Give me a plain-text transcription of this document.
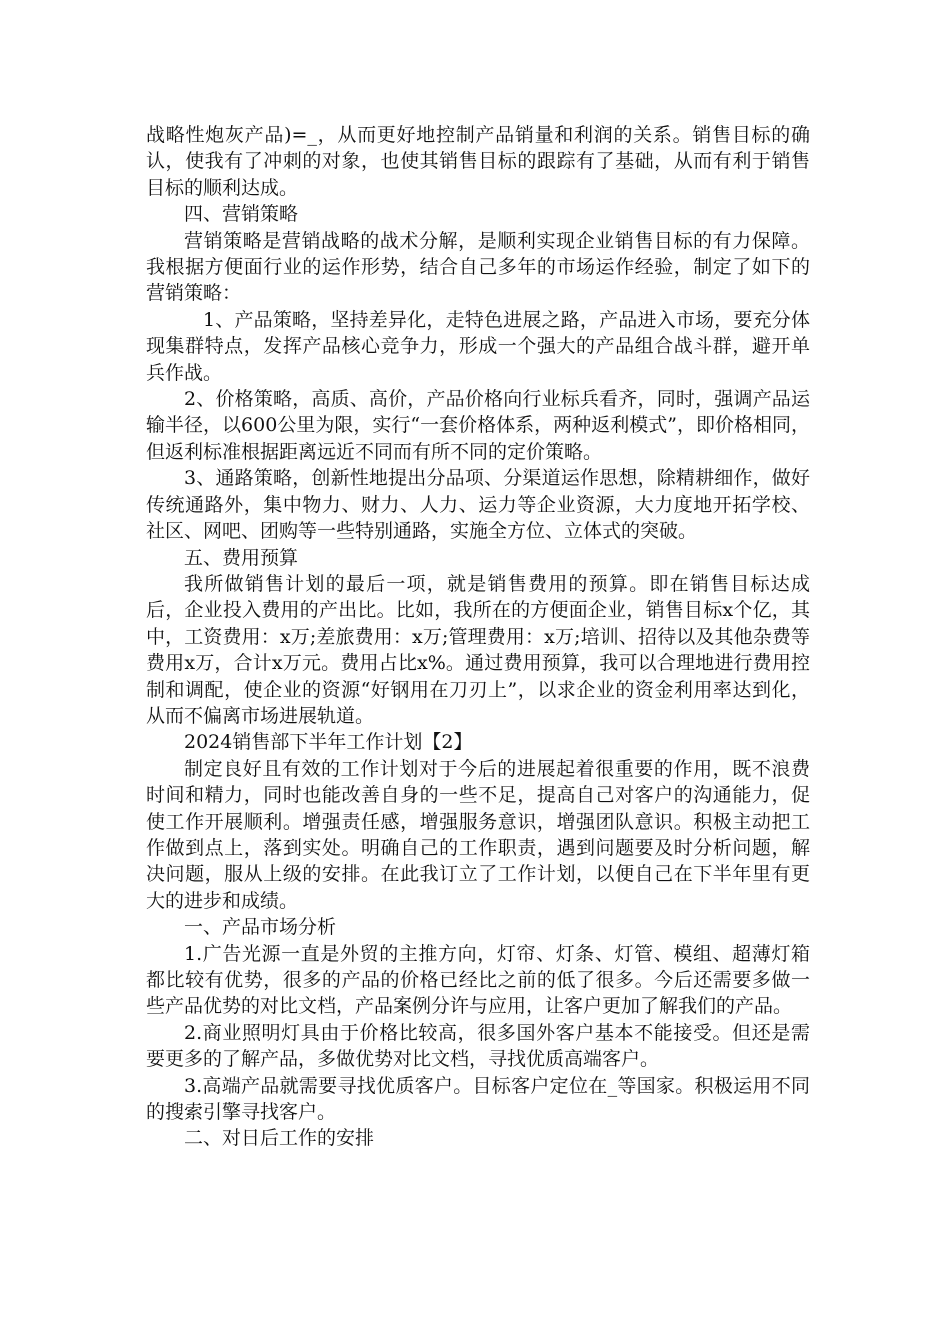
战略性炮灰产品)=_，从而更好地控制产品销量和利润的关系。销售目标的确认，使我有了冲刺的对象，也使其销售目标的跟踪有了基础，从而有利于销售目标的顺利达成。

四、营销策略

营销策略是营销战略的战术分解，是顺利实现企业销售目标的有力保障。我根据方便面行业的运作形势，结合自己多年的市场运作经验，制定了如下的营销策略：

1、产品策略，坚持差异化，走特色进展之路，产品进入市场，要充分体现集群特点，发挥产品核心竞争力，形成一个强大的产品组合战斗群，避开单兵作战。

2、价格策略，高质、高价，产品价格向行业标兵看齐，同时，强调产品运输半径，以600公里为限，实行“一套价格体系，两种返利模式”，即价格相同，但返利标准根据距离远近不同而有所不同的定价策略。

3、通路策略，创新性地提出分品项、分渠道运作思想，除精耕细作，做好传统通路外，集中物力、财力、人力、运力等企业资源，大力度地开拓学校、社区、网吧、团购等一些特别通路，实施全方位、立体式的突破。

五、费用预算

我所做销售计划的最后一项，就是销售费用的预算。即在销售目标达成后，企业投入费用的产出比。比如，我所在的方便面企业，销售目标x个亿，其中，工资费用：x万;差旅费用：x万;管理费用：x万;培训、招待以及其他杂费等费用x万，合计x万元。费用占比x%。通过费用预算，我可以合理地进行费用控制和调配，使企业的资源“好钢用在刀刃上”，以求企业的资金利用率达到化，从而不偏离市场进展轨道。

2024销售部下半年工作计划【2】

制定良好且有效的工作计划对于今后的进展起着很重要的作用，既不浪费时间和精力，同时也能改善自身的一些不足，提高自己对客户的沟通能力，促使工作开展顺利。增强责任感，增强服务意识，增强团队意识。积极主动把工作做到点上，落到实处。明确自己的工作职责，遇到问题要及时分析问题，解决问题，服从上级的安排。在此我订立了工作计划，以便自己在下半年里有更大的进步和成绩。

一、产品市场分析

1.广告光源一直是外贸的主推方向，灯帘、灯条、灯管、模组、超薄灯箱都比较有优势，很多的产品的价格已经比之前的低了很多。今后还需要多做一些产品优势的对比文档，产品案例分许与应用，让客户更加了解我们的产品。

2.商业照明灯具由于价格比较高，很多国外客户基本不能接受。但还是需要更多的了解产品，多做优势对比文档，寻找优质高端客户。

3.高端产品就需要寻找优质客户。目标客户定位在_等国家。积极运用不同的搜索引擎寻找客户。

二、对日后工作的安排
